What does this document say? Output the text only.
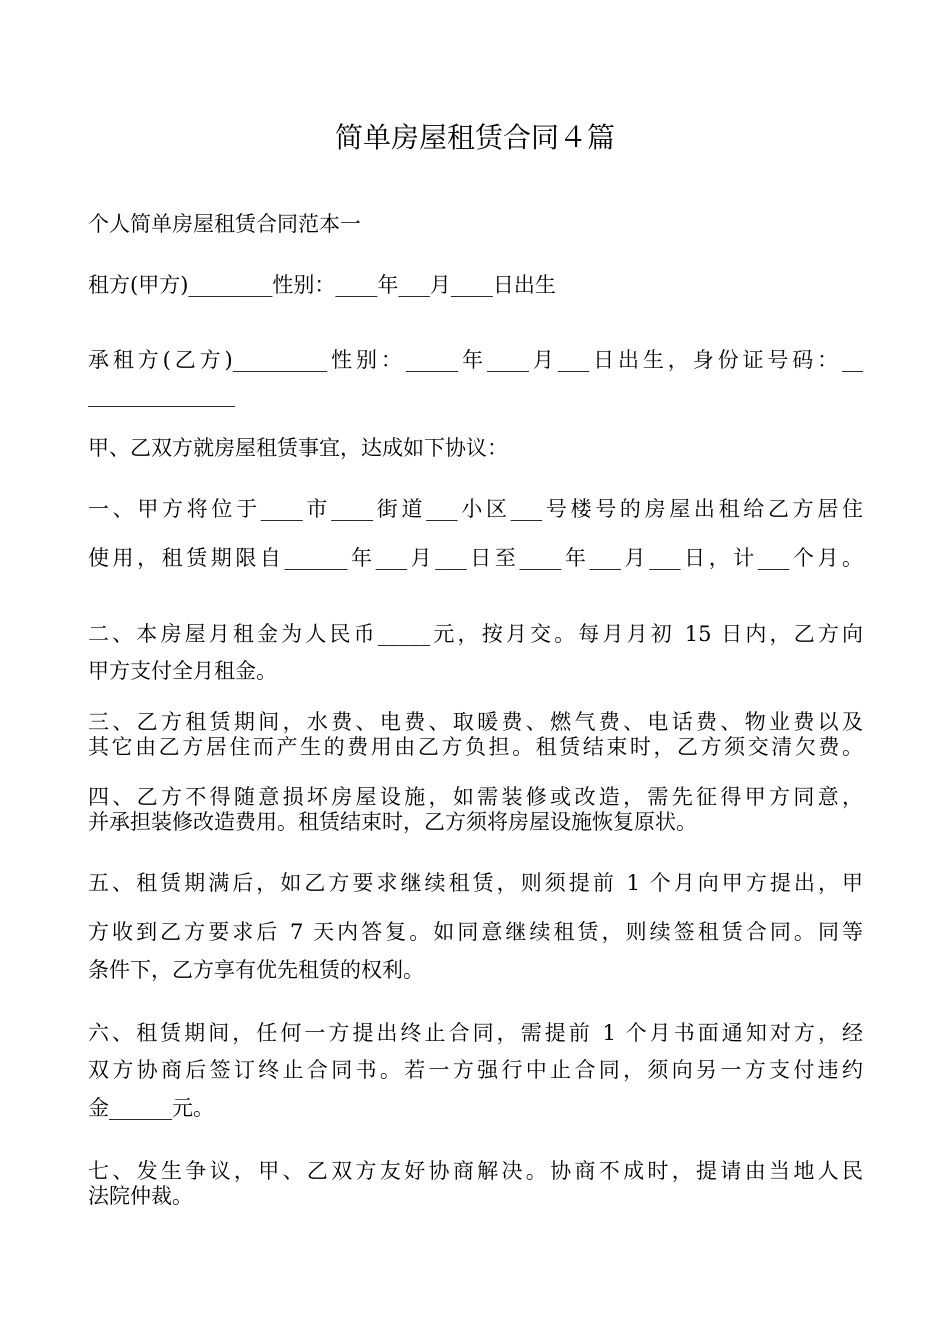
简单房屋租赁合同４篇
个人简单房屋租赁合同范本一
租方(甲方)________性别：____年___月____日出生
承租方(乙方)_________性别：_____年____月___日出生，身份证号码：__
______________
甲、乙双方就房屋租赁事宜，达成如下协议：
一、甲方将位于____市____街道___小区___号楼号的房屋出租给乙方居住
使用，租赁期限自______年___月___日至____年___月___日，计___个月。
二、本房屋月租金为人民币_____元，按月交。每月月初 15 日内，乙方向
甲方支付全月租金。
三、乙方租赁期间，水费、电费、取暖费、燃气费、电话费、物业费以及
其它由乙方居住而产生的费用由乙方负担。租赁结束时，乙方须交清欠费。
四、乙方不得随意损坏房屋设施，如需装修或改造，需先征得甲方同意，
并承担装修改造费用。租赁结束时，乙方须将房屋设施恢复原状。
五、租赁期满后，如乙方要求继续租赁，则须提前 1 个月向甲方提出，甲
方收到乙方要求后 7 天内答复。如同意继续租赁，则续签租赁合同。同等
条件下，乙方享有优先租赁的权利。
六、租赁期间，任何一方提出终止合同，需提前 1 个月书面通知对方，经
双方协商后签订终止合同书。若一方强行中止合同，须向另一方支付违约
金______元。
七、发生争议，甲、乙双方友好协商解决。协商不成时，提请由当地人民
法院仲裁。
